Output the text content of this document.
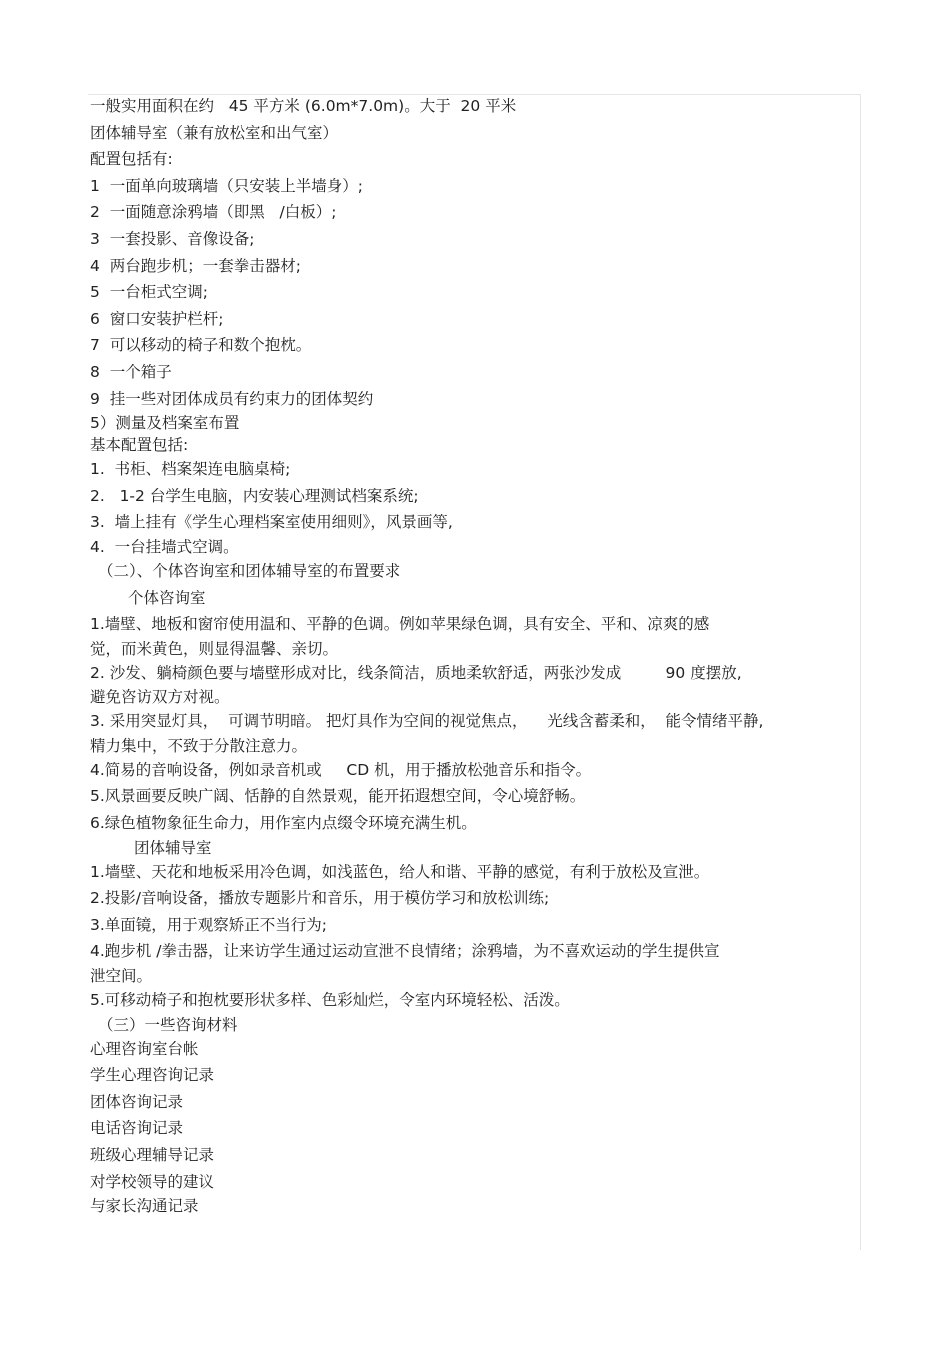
一般实用面积在约   45 平方米 (6.0m*7.0m)。大于  20 平米
团体辅导室（兼有放松室和出气室）
配置包括有:
1  一面单向玻璃墙（只安装上半墙身）;
2  一面随意涂鸦墙（即黑   /白板）;
3  一套投影、音像设备;
4  两台跑步机；一套拳击器材;
5  一台柜式空调;
6  窗口安装护栏杆;
7  可以移动的椅子和数个抱枕。
8  一个箱子
9  挂一些对团体成员有约束力的团体契约
5）测量及档案室布置
基本配置包括:
1.  书柜、档案架连电脑桌椅;
2.   1-2 台学生电脑，内安装心理测试档案系统;
3.  墙上挂有《学生心理档案室使用细则》，风景画等,
4.  一台挂墙式空调。
（二）、个体咨询室和团体辅导室的布置要求
个体咨询室
1.墙壁、地板和窗帘使用温和、平静的色调。例如苹果绿色调，具有安全、平和、凉爽的感
觉，而米黄色，则显得温馨、亲切。
2. 沙发、躺椅颜色要与墙壁形成对比，线条简洁，质地柔软舒适，两张沙发成         90 度摆放,
避免咨访双方对视。
3. 采用突显灯具，  可调节明暗。 把灯具作为空间的视觉焦点，    光线含蓄柔和，  能令情绪平静,
精力集中，不致于分散注意力。
4.简易的音响设备，例如录音机或     CD 机，用于播放松弛音乐和指令。
5.风景画要反映广阔、恬静的自然景观，能开拓遐想空间，令心境舒畅。
6.绿色植物象征生命力，用作室内点缀令环境充满生机。
团体辅导室
1.墙壁、天花和地板采用冷色调，如浅蓝色，给人和谐、平静的感觉，有利于放松及宣泄。
2.投影/音响设备，播放专题影片和音乐，用于模仿学习和放松训练;
3.单面镜，用于观察矫正不当行为;
4.跑步机 /拳击器，让来访学生通过运动宣泄不良情绪；涂鸦墙，为不喜欢运动的学生提供宣
泄空间。
5.可移动椅子和抱枕要形状多样、色彩灿烂，令室内环境轻松、活泼。
（三）一些咨询材料
心理咨询室台帐
学生心理咨询记录
团体咨询记录
电话咨询记录
班级心理辅导记录
对学校领导的建议
与家长沟通记录
